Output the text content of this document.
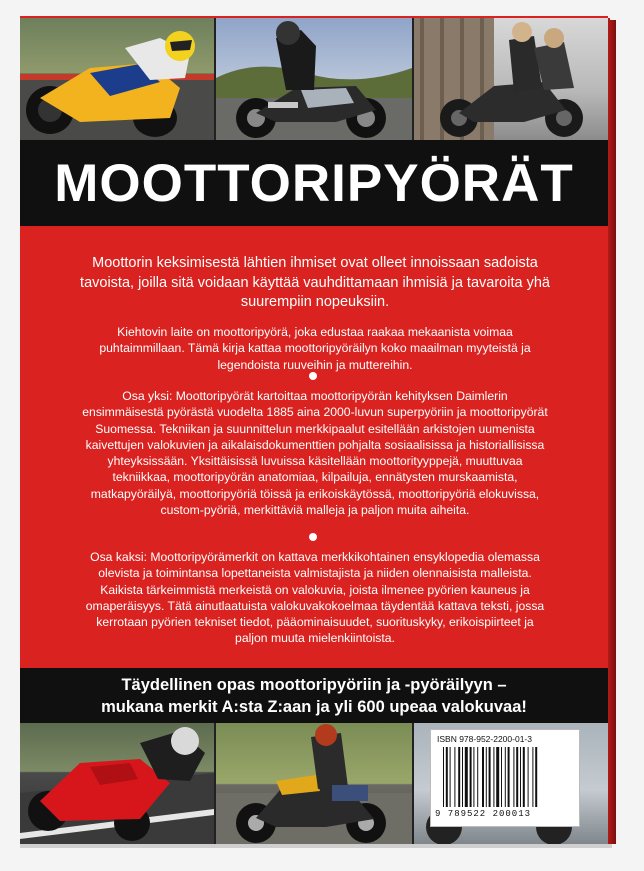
MOOTTORIPYÖRÄT
Moottorin keksimisestä lähtien ihmiset ovat olleet innoissaan sadoista tavoista, joilla sitä voidaan käyttää vauhdittamaan ihmisiä ja tavaroita yhä suurempiin nopeuksiin.
Kiehtovin laite on moottoripyörä, joka edustaa raakaa mekaanista voimaa puhtaimmillaan. Tämä kirja kattaa moottoripyöräilyn koko maailman myyteistä ja legendoista ruuveihin ja muttereihin.
Osa yksi: Moottoripyörät kartoittaa moottoripyörän kehityksen Daimlerin ensimmäisestä pyörästä vuodelta 1885 aina 2000-luvun superpyöriin ja moottoripyörät Suomessa. Tekniikan ja suunnittelun merkkipaalut esitellään arkistojen uumenista kaivettujen valokuvien ja aikalaisdokumenttien pohjalta sosiaalisissa ja historiallisissa yhteyksissään. Yksittäisissä luvuissa käsitellään moottorityyppejä, muuttuvaa tekniikkaa, moottoripyörän anatomiaa, kilpailuja, ennätysten murskaamista, matkapyöräilyä, moottoripyöriä töissä ja erikoiskäytössä, moottoripyöriä elokuvissa, custom-pyöriä, merkittäviä malleja ja paljon muita aiheita.
Osa kaksi: Moottoripyörämerkit on kattava merkkikohtainen ensyklopedia olemassa olevista ja toimintansa lopettaneista valmistajista ja niiden olennaisista malleista. Kaikista tärkeimmistä merkeistä on valokuvia, joista ilmenee pyörien kauneus ja omaperäisyys. Tätä ainutlaatuista valokuvakokoelmaa täydentää kattava teksti, jossa kerrotaan pyörien tekniset tiedot, pääominaisuudet, suorituskyky, erikoispiirteet ja paljon muuta mielenkiintoista.
Täydellinen opas moottoripyöriin ja -pyöräilyyn –
mukana merkit A:sta Z:aan ja yli 600 upeaa valokuvaa!
ISBN 978-952-2200-01-3
9 789522 200013
